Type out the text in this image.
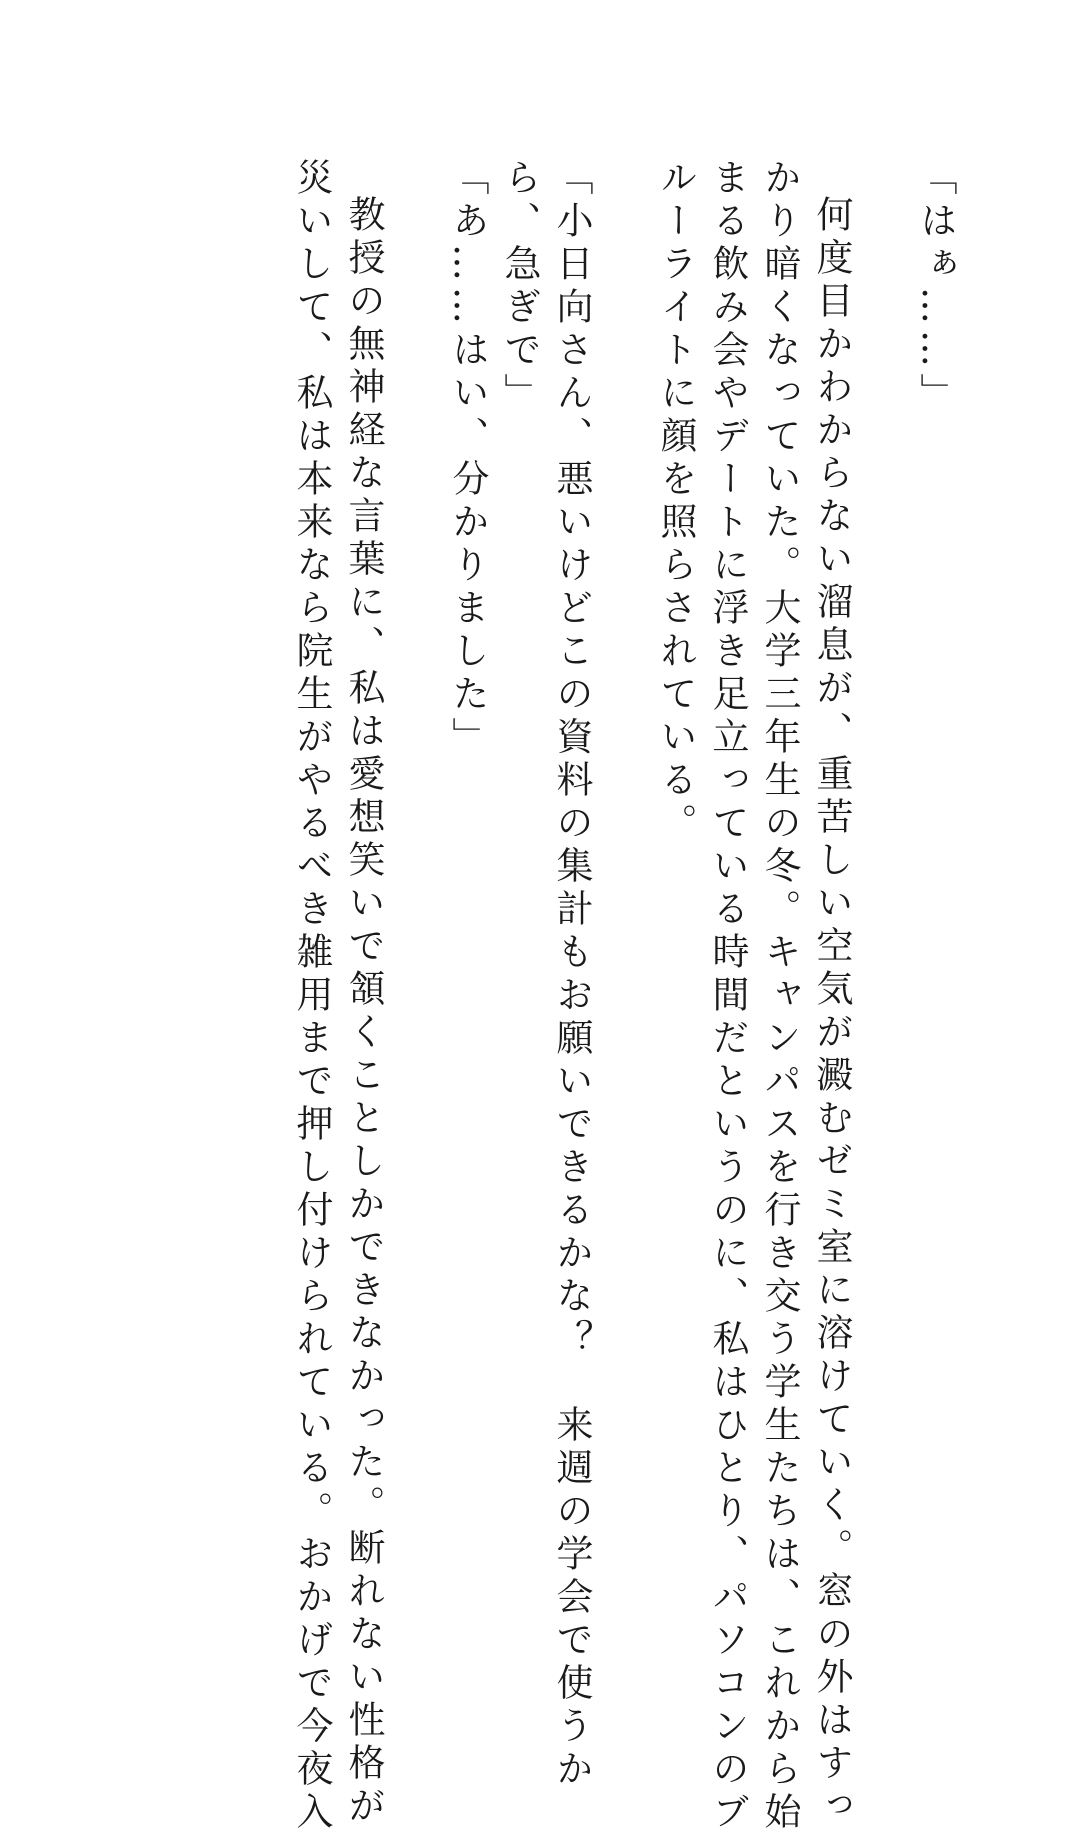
「はぁ……」

何度目かわからない溜息が、重苦しい空気が澱むゼミ室に溶けていく。窓の外はすっ

かり暗くなっていた。大学三年生の冬。キャンパスを行き交う学生たちは、これから始

まる飲み会やデートに浮き足立っている時間だというのに、私はひとり、パソコンのブ

ルーライトに顔を照らされている。

「小日向さん、悪いけどこの資料の集計もお願いできるかな？　来週の学会で使うか

ら、急ぎで」

「あ……はい、分かりました」

教授の無神経な言葉に、私は愛想笑いで頷くことしかできなかった。断れない性格が

災いして、私は本来なら院生がやるべき雑用まで押し付けられている。おかげで今夜入
